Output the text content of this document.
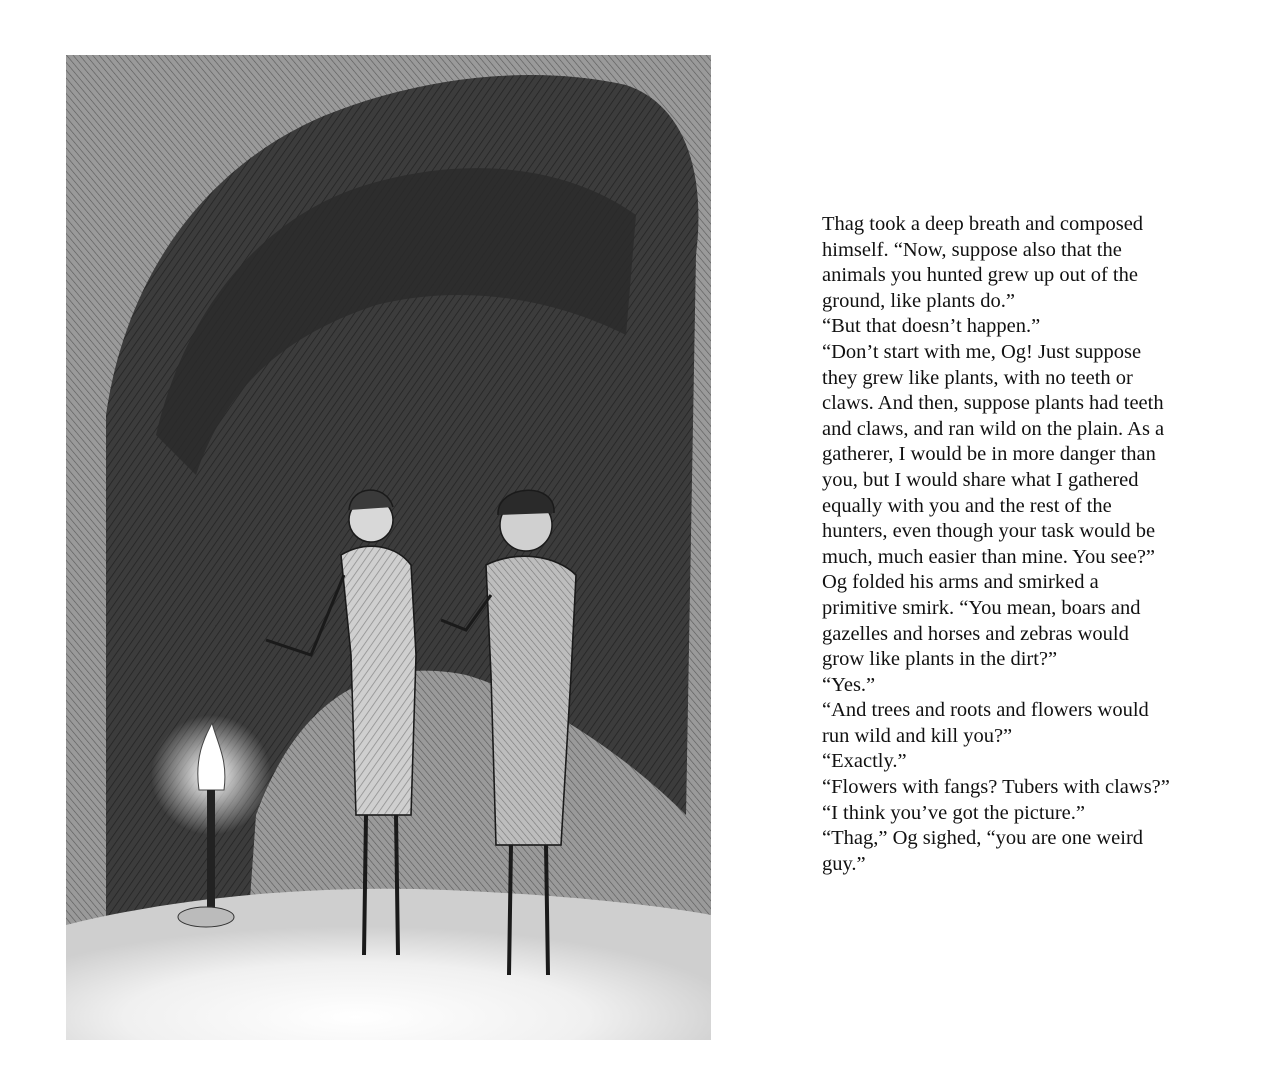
Thag took a deep breath and composed
himself. “Now, suppose also that the
animals you hunted grew up out of the
ground, like plants do.”
“But that doesn’t happen.”
“Don’t start with me, Og! Just suppose
they grew like plants, with no teeth or
claws. And then, suppose plants had teeth
and claws, and ran wild on the plain. As a
gatherer, I would be in more danger than
you, but I would share what I gathered
equally with you and the rest of the
hunters, even though your task would be
much, much easier than mine. You see?”
Og folded his arms and smirked a
primitive smirk. “You mean, boars and
gazelles and horses and zebras would
grow like plants in the dirt?”
“Yes.”
“And trees and roots and flowers would
run wild and kill you?”
“Exactly.”
“Flowers with fangs? Tubers with claws?”
“I think you’ve got the picture.”
“Thag,” Og sighed, “you are one weird
guy.”
